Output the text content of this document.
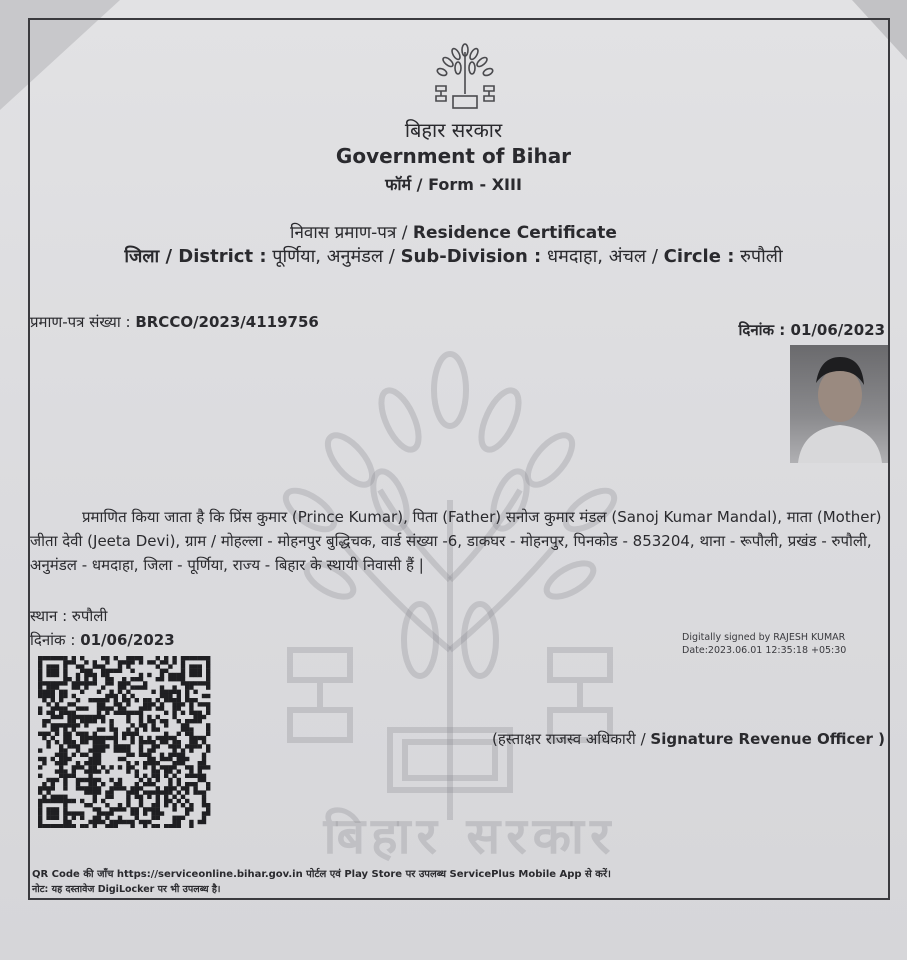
बिहार सरकार
बिहार सरकार
Government of Bihar
फॉर्म / Form - XIII
निवास प्रमाण-पत्र / Residence Certificate
जिला / District : पूर्णिया, अनुमंडल / Sub-Division : धमदाहा, अंचल / Circle : रुपौली
प्रमाण-पत्र संख्या : BRCCO/2023/4119756	दिनांक : 01/06/2023
प्रमाणित किया जाता है कि प्रिंस कुमार (Prince Kumar), पिता (Father) सनोज कुमार मंडल (Sanoj Kumar Mandal), माता (Mother) जीता देवी (Jeeta Devi), ग्राम / मोहल्ला - मोहनपुर बुद्धिचक, वार्ड संख्या -6, डाकघर - मोहनपुर, पिनकोड - 853204, थाना - रूपौली, प्रखंड - रुपौली, अनुमंडल - धमदाहा, जिला - पूर्णिया, राज्य - बिहार के स्थायी निवासी हैं |
स्थान : रुपौली
दिनांक : 01/06/2023	Digitally signed by RAJESH KUMAR
Date:2023.06.01 12:35:18 +05:30
(हस्ताक्षर राजस्व अधिकारी / Signature Revenue Officer )
QR Code की जाँच https://serviceonline.bihar.gov.in पोर्टल एवं Play Store पर उपलब्ध ServicePlus Mobile App से करें।
नोट: यह दस्तावेज DigiLocker पर भी उपलब्ध है।
